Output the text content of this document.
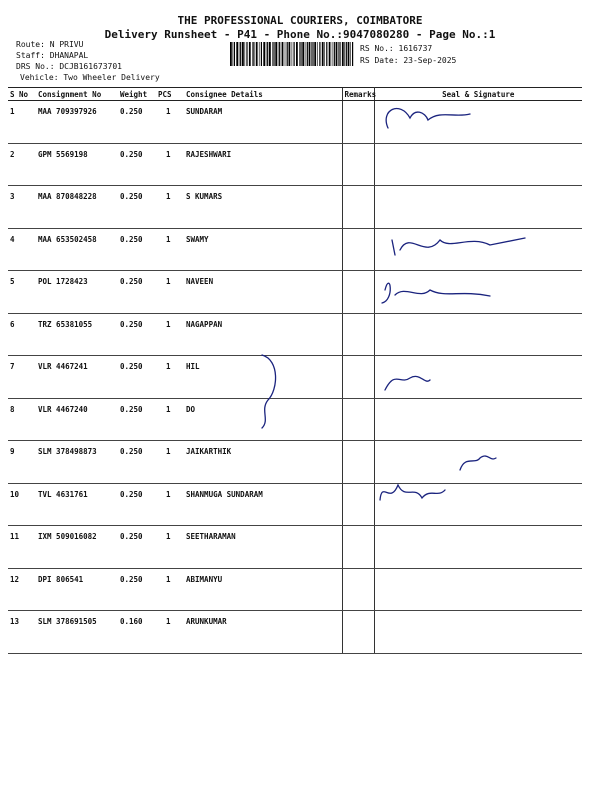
THE PROFESSIONAL COURIERS, COIMBATORE
Delivery Runsheet - P41 - Phone No.:9047080280 - Page No.:1
Route: N PRIVU
Staff: DHANAPAL
DRS No.: DCJB161673701
Vehicle: Two Wheeler Delivery
RS No.: 1616737
RS Date: 23-Sep-2025
S No	Consignment No	Weight	PCS	Consignee Details	Remarks	Seal & Signature
1	MAA 709397926	0.250	1	SUNDARAM		
2	GPM 5569198	0.250	1	RAJESHWARI		
3	MAA 870848228	0.250	1	S KUMARS		
4	MAA 653502458	0.250	1	SWAMY		
5	POL 1728423	0.250	1	NAVEEN		
6	TRZ 65381055	0.250	1	NAGAPPAN		
7	VLR 4467241	0.250	1	HIL		
8	VLR 4467240	0.250	1	DO		
9	SLM 378498873	0.250	1	JAIKARTHIK		
10	TVL 4631761	0.250	1	SHANMUGA SUNDARAM		
11	IXM 509016082	0.250	1	SEETHARAMAN		
12	DPI 806541	0.250	1	ABIMANYU		
13	SLM 378691505	0.160	1	ARUNKUMAR		
8883931343
for Priya
8072034889
N. Yegamai
24-9-25
S. Subramani
CN
CN
S. KUMAR'S SILKS
Proprietor.
